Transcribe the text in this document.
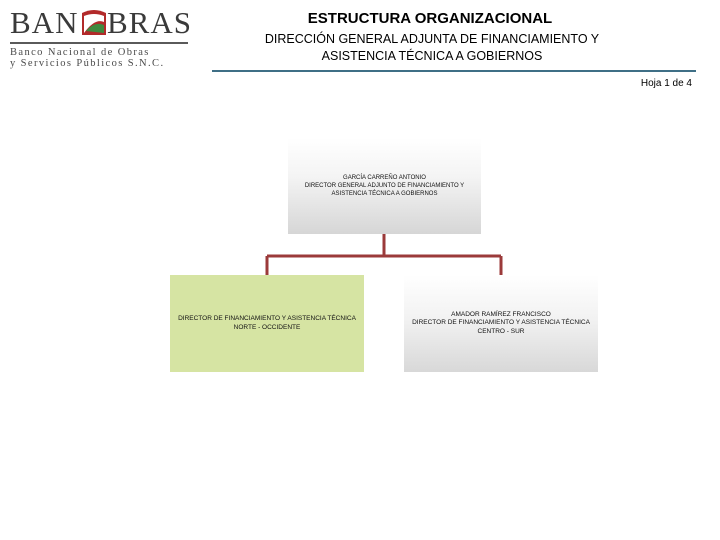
BAN BRAS
Banco Nacional de Obras
y Servicios Públicos S.N.C.
ESTRUCTURA ORGANIZACIONAL
DIRECCIÓN GENERAL ADJUNTA DE FINANCIAMIENTO Y
ASISTENCIA TÉCNICA A GOBIERNOS
Hoja 1 de 4
GARCÍA CARREÑO ANTONIO
DIRECTOR GENERAL ADJUNTO DE FINANCIAMIENTO Y ASISTENCIA TÉCNICA A GOBIERNOS
DIRECTOR DE FINANCIAMIENTO Y ASISTENCIA TÉCNICA NORTE - OCCIDENTE
AMADOR RAMÍREZ FRANCISCO
DIRECTOR DE FINANCIAMIENTO Y ASISTENCIA TÉCNICA CENTRO - SUR
